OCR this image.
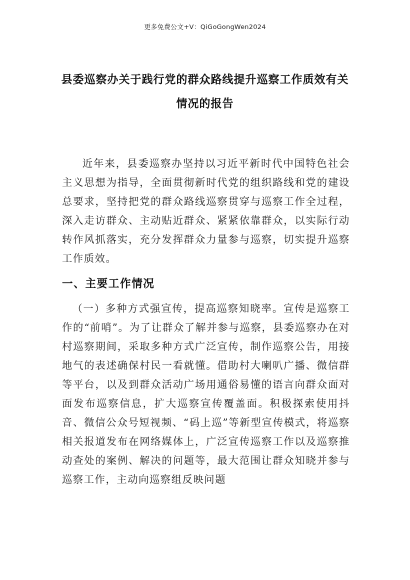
更多免费公文+V：QiGoGongWen2024
县委巡察办关于践行党的群众路线提升巡察工作质效有关情况的报告
近年来，县委巡察办坚持以习近平新时代中国特色社会主义思想为指导，全面贯彻新时代党的组织路线和党的建设总要求，坚持把党的群众路线巡察贯穿与巡察工作全过程，深入走访群众、主动贴近群众、紧紧依靠群众，以实际行动转作风抓落实，充分发挥群众力量参与巡察，切实提升巡察工作质效。
一、主要工作情况
（一）多种方式强宣传，提高巡察知晓率。宣传是巡察工作的“前哨”。为了让群众了解并参与巡察，县委巡察办在对村巡察期间，采取多种方式广泛宣传，制作巡察公告，用接地气的表述确保村民一看就懂。借助村大喇叭广播、微信群等平台，以及到群众活动广场用通俗易懂的语言向群众面对面发布巡察信息，扩大巡察宣传覆盖面。积极探索使用抖音、微信公众号短视频、“码上巡”等新型宣传模式，将巡察相关报道发布在网络媒体上，广泛宣传巡察工作以及巡察推动查处的案例、解决的问题等，最大范围让群众知晓并参与巡察工作，主动向巡察组反映问题
